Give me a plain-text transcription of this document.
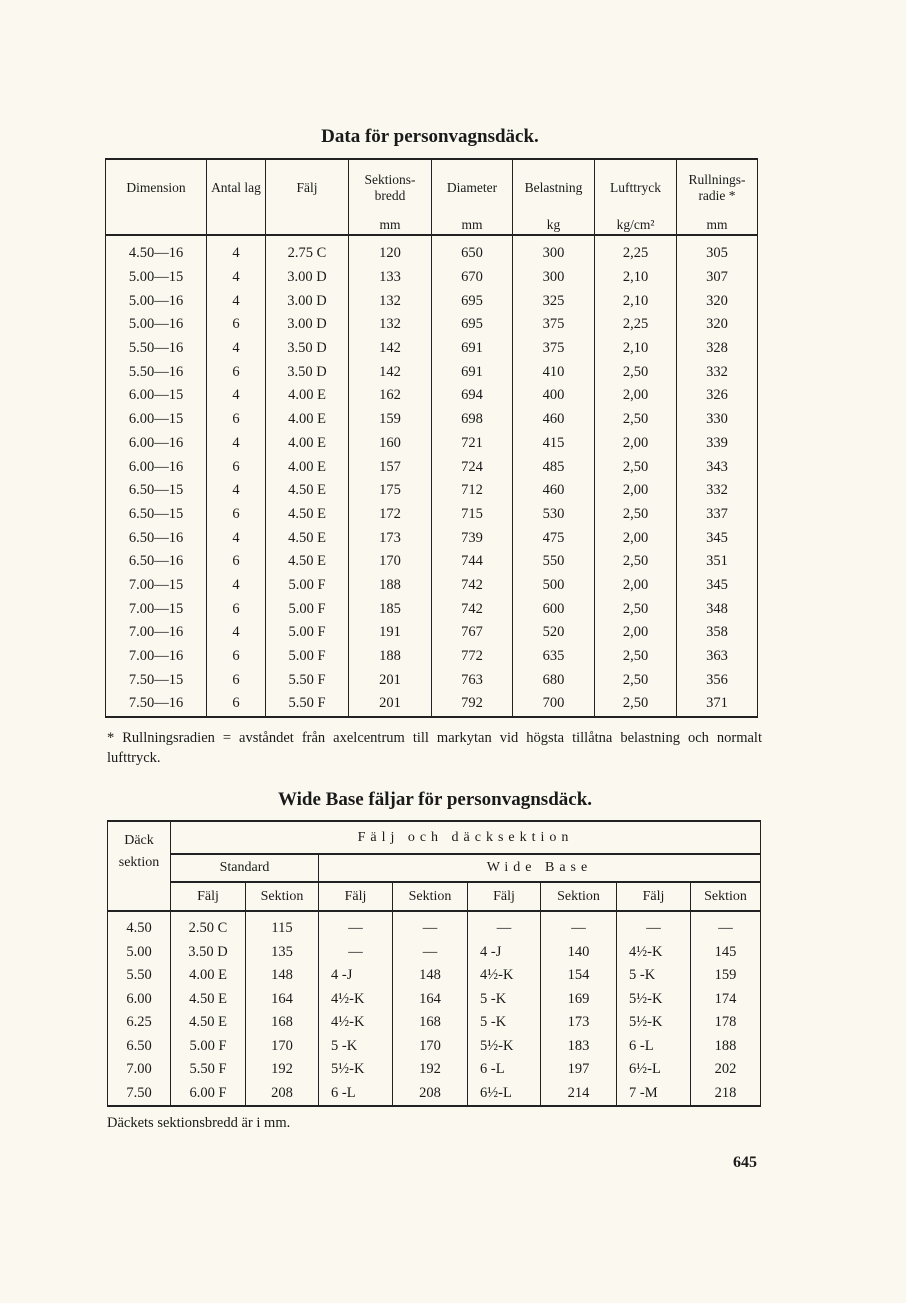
Data för personvagnsdäck.
Dimension	Antal lag	Fälj	Sektions- bredd	Diameter	Belastning	Lufttryck	Rullnings- radie *
			mm	mm	kg	kg/cm²	mm
4.50—16	4	2.75 C	120	650	300	2,25	305
5.00—15	4	3.00 D	133	670	300	2,10	307
5.00—16	4	3.00 D	132	695	325	2,10	320
5.00—16	6	3.00 D	132	695	375	2,25	320
5.50—16	4	3.50 D	142	691	375	2,10	328
5.50—16	6	3.50 D	142	691	410	2,50	332
6.00—15	4	4.00 E	162	694	400	2,00	326
6.00—15	6	4.00 E	159	698	460	2,50	330
6.00—16	4	4.00 E	160	721	415	2,00	339
6.00—16	6	4.00 E	157	724	485	2,50	343
6.50—15	4	4.50 E	175	712	460	2,00	332
6.50—15	6	4.50 E	172	715	530	2,50	337
6.50—16	4	4.50 E	173	739	475	2,00	345
6.50—16	6	4.50 E	170	744	550	2,50	351
7.00—15	4	5.00 F	188	742	500	2,00	345
7.00—15	6	5.00 F	185	742	600	2,50	348
7.00—16	4	5.00 F	191	767	520	2,00	358
7.00—16	6	5.00 F	188	772	635	2,50	363
7.50—15	6	5.50 F	201	763	680	2,50	356
7.50—16	6	5.50 F	201	792	700	2,50	371
* Rullningsradien = avståndet från axelcentrum till markytan vid högsta tillåtna belastning och normalt lufttryck.
Wide Base fäljar för personvagnsdäck.
Däck sektion	Fälj och däcksektion							
	Standard		Wide Base					
	Fälj	Sektion	Fälj	Sektion	Fälj	Sektion	Fälj	Sektion
4.50	2.50 C	115	—	—	—	—	—	—
5.00	3.50 D	135	—	—	4 -J	140	4½-K	145
5.50	4.00 E	148	4 -J	148	4½-K	154	5 -K	159
6.00	4.50 E	164	4½-K	164	5 -K	169	5½-K	174
6.25	4.50 E	168	4½-K	168	5 -K	173	5½-K	178
6.50	5.00 F	170	5 -K	170	5½-K	183	6 -L	188
7.00	5.50 F	192	5½-K	192	6 -L	197	6½-L	202
7.50	6.00 F	208	6 -L	208	6½-L	214	7 -M	218
Däckets sektionsbredd är i mm.
645
